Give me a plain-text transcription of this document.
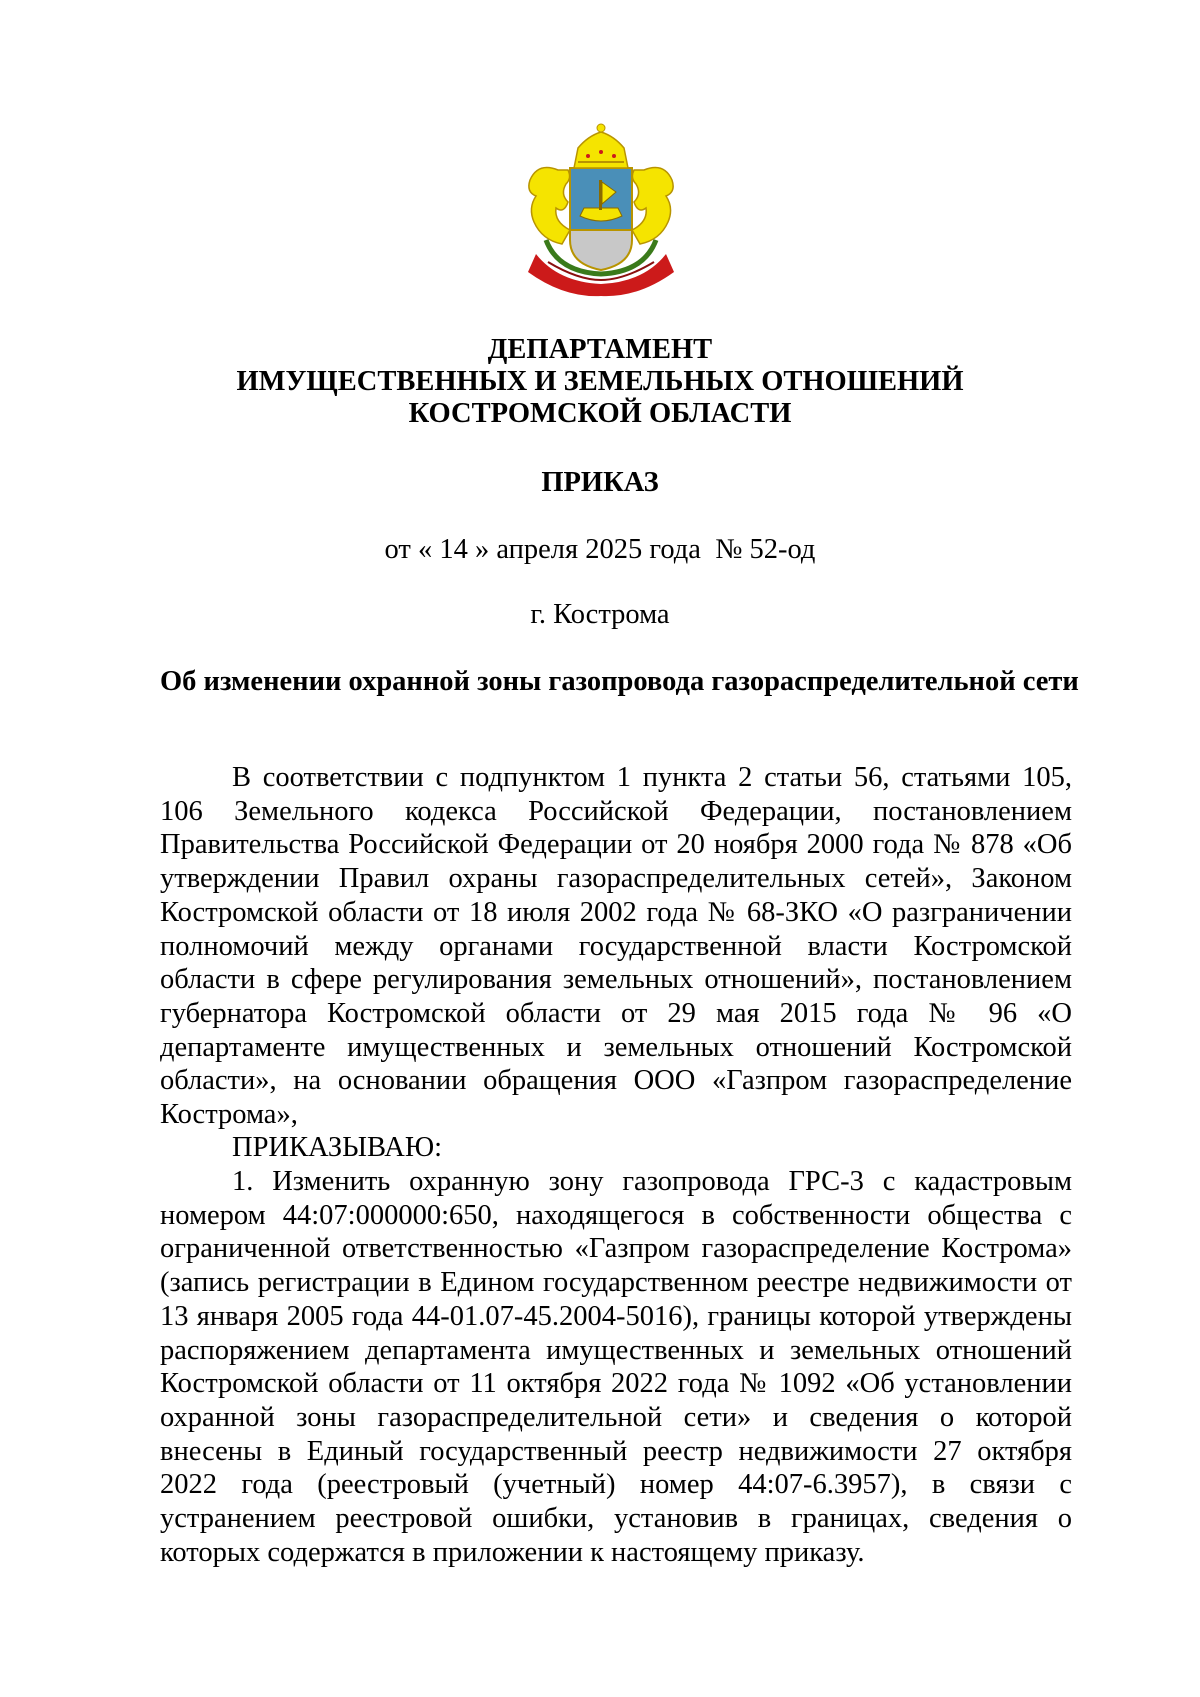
ДЕПАРТАМЕНТ
ИМУЩЕСТВЕННЫХ И ЗЕМЕЛЬНЫХ ОТНОШЕНИЙ
КОСТРОМСКОЙ ОБЛАСТИ
ПРИКАЗ
от « 14 » апреля 2025 года  № 52-од
г. Кострома
Об изменении охранной зоны газопровода газораспределительной сети
В соответствии с подпунктом 1 пункта 2 статьи 56, статьями 105, 106 Земельного кодекса Российской Федерации, постановлением Правительства Российской Федерации от 20 ноября 2000 года № 878 «Об утверждении Правил охраны газораспределительных сетей», Законом Костромской области от 18 июля 2002 года № 68-ЗКО «О разграничении полномочий между органами государственной власти Костромской области в сфере регулирования земельных отношений», постановлением губернатора Костромской области от 29 мая 2015 года № 96 «О департаменте имущественных и земельных отношений Костромской области», на основании обращения ООО «Газпром газораспределение Кострома»,
ПРИКАЗЫВАЮ:
1. Изменить охранную зону газопровода ГРС-3 с кадастровым номером 44:07:000000:650, находящегося в собственности общества с ограниченной ответственностью «Газпром газораспределение Кострома» (запись регистрации в Едином государственном реестре недвижимости от 13 января 2005 года 44-01.07-45.2004-5016), границы которой утверждены распоряжением департамента имущественных и земельных отношений Костромской области от 11 октября 2022 года № 1092 «Об установлении охранной зоны газораспределительной сети» и сведения о которой внесены в Единый государственный реестр недвижимости 27 октября 2022 года (реестровый (учетный) номер 44:07-6.3957), в связи с устранением реестровой ошибки, установив в границах, сведения о которых содержатся в приложении к настоящему приказу.
